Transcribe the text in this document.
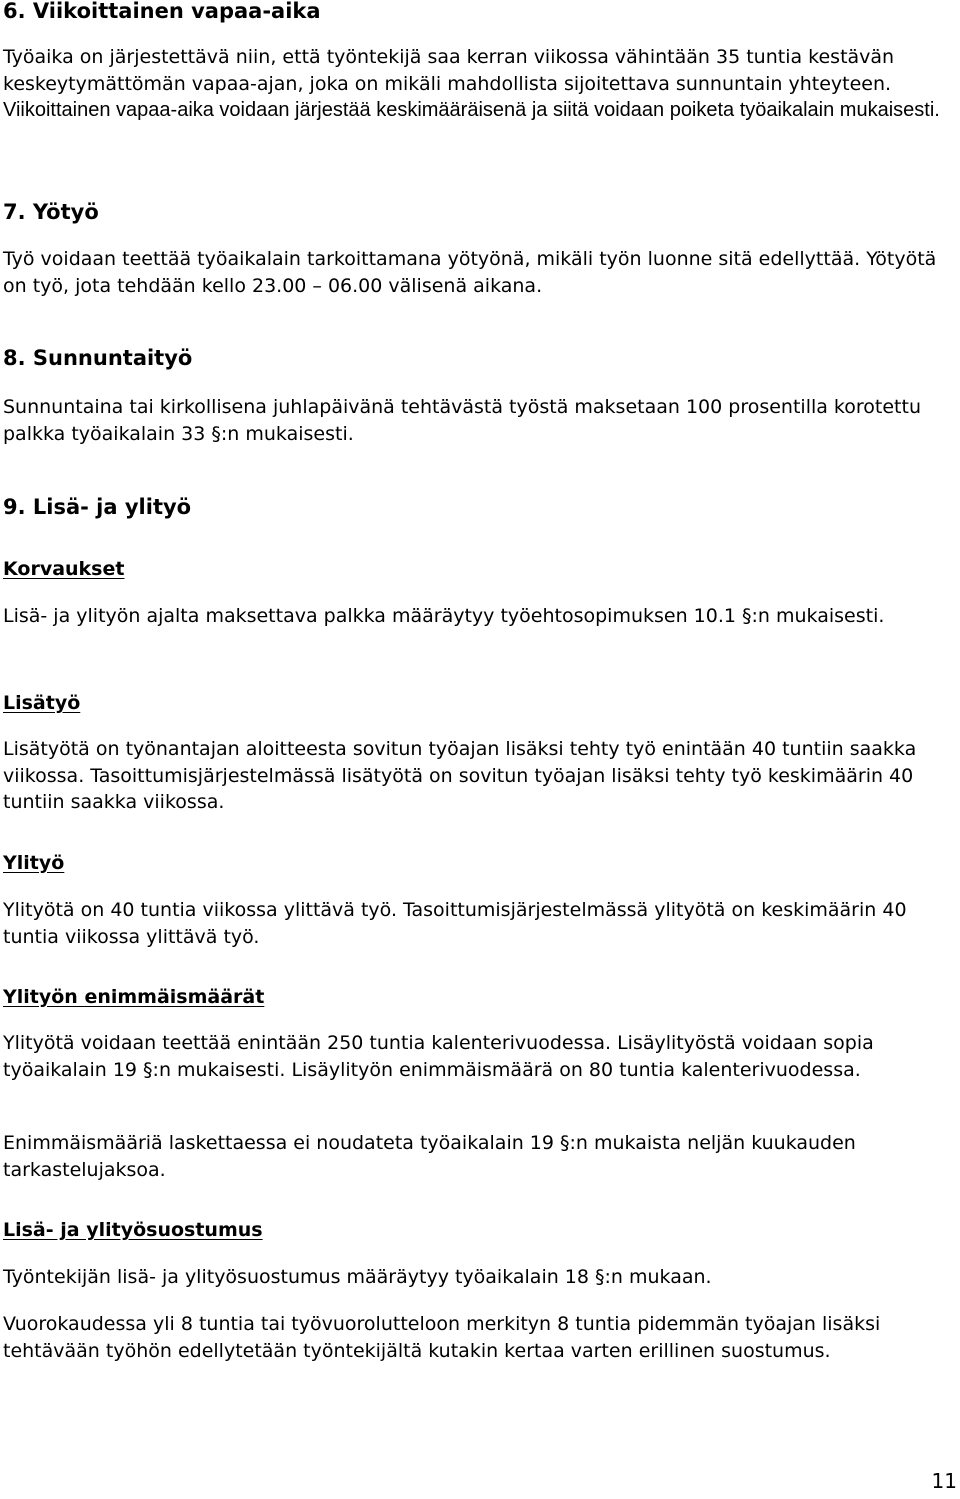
6. Viikoittainen vapaa-aika

Työaika on järjestettävä niin, että työntekijä saa kerran viikossa vähintään 35 tuntia kestävän keskeytymättömän vapaa-ajan, joka on mikäli mahdollista sijoitettava sunnuntain yhteyteen. Viikoittainen vapaa-aika voidaan järjestää keskimääräisenä ja siitä voidaan poiketa työaikalain mukaisesti.

7. Yötyö

Työ voidaan teettää työaikalain tarkoittamana yötyönä, mikäli työn luonne sitä edellyttää. Yötyötä on työ, jota tehdään kello 23.00 – 06.00 välisenä aikana.

8. Sunnuntaityö

Sunnuntaina tai kirkollisena juhlapäivänä tehtävästä työstä maksetaan 100 prosentilla korotettu palkka työaikalain 33 §:n mukaisesti.

9. Lisä- ja ylityö
Korvaukset

Lisä- ja ylityön ajalta maksettava palkka määräytyy työehtosopimuksen 10.1 §:n mukaisesti.

Lisätyö

Lisätyötä on työnantajan aloitteesta sovitun työajan lisäksi tehty työ enintään 40 tuntiin saakka viikossa. Tasoittumisjärjestelmässä lisätyötä on sovitun työajan lisäksi tehty työ keskimäärin 40 tuntiin saakka viikossa.

Ylityö

Ylityötä on 40 tuntia viikossa ylittävä työ. Tasoittumisjärjestelmässä ylityötä on keskimäärin 40 tuntia viikossa ylittävä työ.

Ylityön enimmäismäärät

Ylityötä voidaan teettää enintään 250 tuntia kalenterivuodessa. Lisäylityöstä voidaan sopia työaikalain 19 §:n mukaisesti. Lisäylityön enimmäismäärä on 80 tuntia kalenterivuodessa.

Enimmäismääriä laskettaessa ei noudateta työaikalain 19 §:n mukaista neljän kuukauden tarkastelujaksoa.

Lisä- ja ylityösuostumus

Työntekijän lisä- ja ylityösuostumus määräytyy työaikalain 18 §:n mukaan.

Vuorokaudessa yli 8 tuntia tai työvuorolutteloon merkityn 8 tuntia pidemmän työajan lisäksi tehtävään työhön edellytetään työntekijältä kutakin kertaa varten erillinen suostumus.

11
